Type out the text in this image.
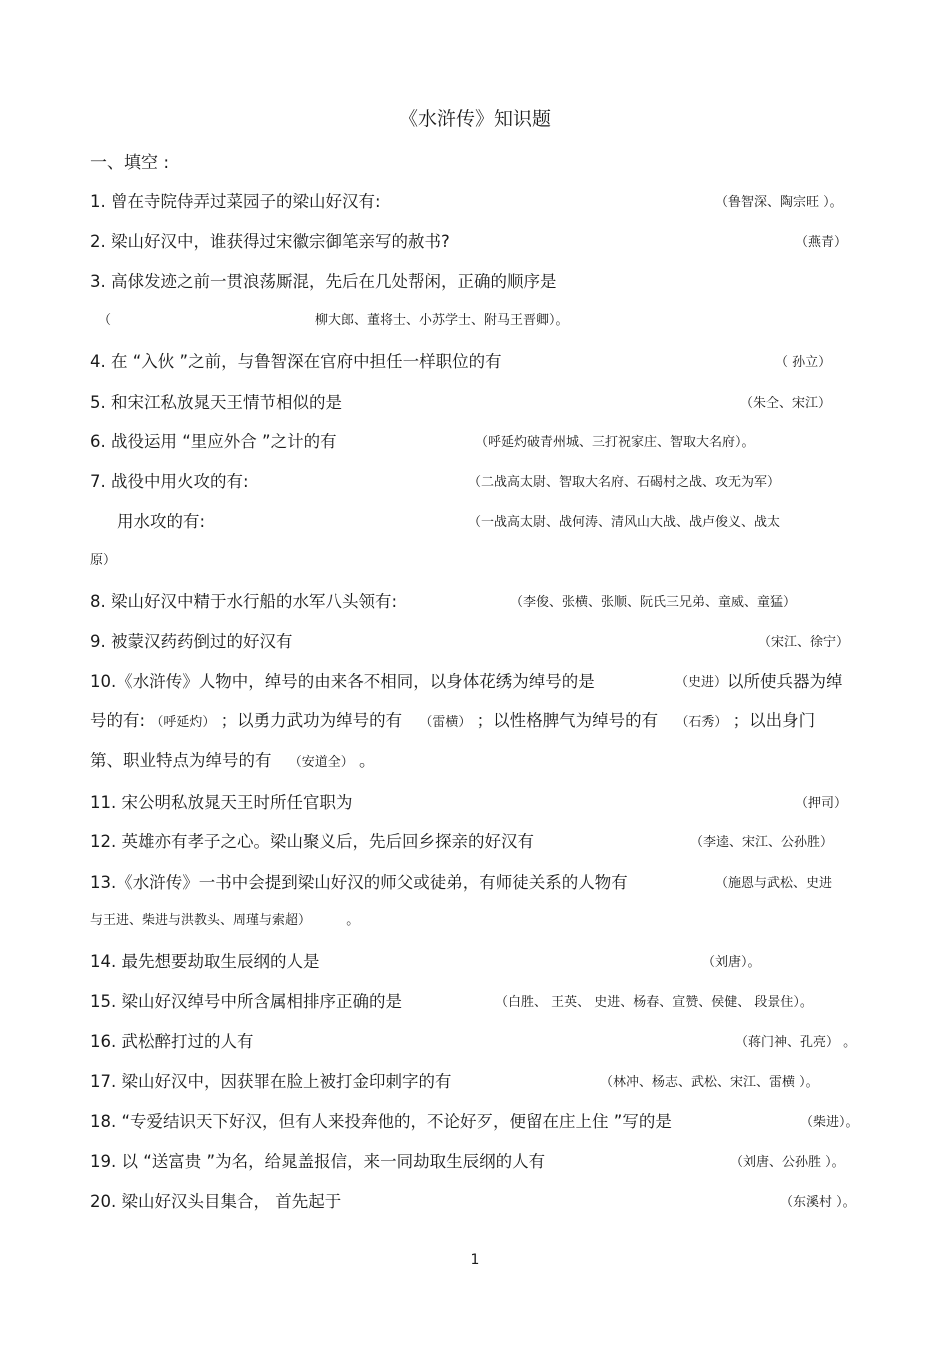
《水浒传》知识题
一、填空 :
1. 曾在寺院侍弄过菜园子的梁山好汉有:	（鲁智深、陶宗旺 ）。
2. 梁山好汉中，谁获得过宋徽宗御笔亲写的赦书?	（燕青）
3. 高俅发迹之前一贯浪荡厮混，先后在几处帮闲，正确的顺序是
（	柳大郎、董将士、小苏学士、附马王晋卿）。
4. 在 “入伙 ”之前，与鲁智深在官府中担任一样职位的有	（ 孙立）
5. 和宋江私放晁天王情节相似的是	（朱仝、宋江）
6. 战役运用 “里应外合 ”之计的有	（呼延灼破青州城、三打祝家庄、智取大名府）。
7. 战役中用火攻的有:	（二战高太尉、智取大名府、石碣村之战、攻无为军）
用水攻的有:	（一战高太尉、战何涛、清风山大战、战卢俊义、战太
原）
8. 梁山好汉中精于水行船的水军八头领有:	（李俊、张横、张顺、阮氏三兄弟、童威、童猛）
9. 被蒙汉药药倒过的好汉有	（宋江、徐宁）
10.《水浒传》人物中，绰号的由来各不相同，以身体花绣为绰号的是	（史进） 以所使兵器为绰
号的有: （呼延灼） ；以勇力武功为绰号的有 （雷横） ；以性格脾气为绰号的有 （石秀） ；以出身门
第、职业特点为绰号的有 （安道全） 。
11. 宋公明私放晁天王时所任官职为	（押司）
12. 英雄亦有孝子之心。梁山聚义后，先后回乡探亲的好汉有	（李逵、宋江、公孙胜）
13.《水浒传》一书中会提到梁山好汉的师父或徒弟，有师徒关系的人物有	（施恩与武松、史进
与王进、柴进与洪教头、周瑾与索超）	。
14. 最先想要劫取生辰纲的人是	（刘唐）。
15. 梁山好汉绰号中所含属相排序正确的是	（白胜、 王英、 史进、杨春、宣赞、侯健、 段景住）。
16. 武松醉打过的人有	（蒋门神、孔亮） 。
17. 梁山好汉中，因获罪在脸上被打金印刺字的有	（林冲、杨志、武松、宋江、雷横 ）。
18. “专爱结识天下好汉，但有人来投奔他的，不论好歹，便留在庄上住 ”写的是	（柴进）。
19. 以 “送富贵 ”为名，给晁盖报信，来一同劫取生辰纲的人有	（刘唐、公孙胜 ）。
20. 梁山好汉头目集合， 首先起于	（东溪村 ）。
1
